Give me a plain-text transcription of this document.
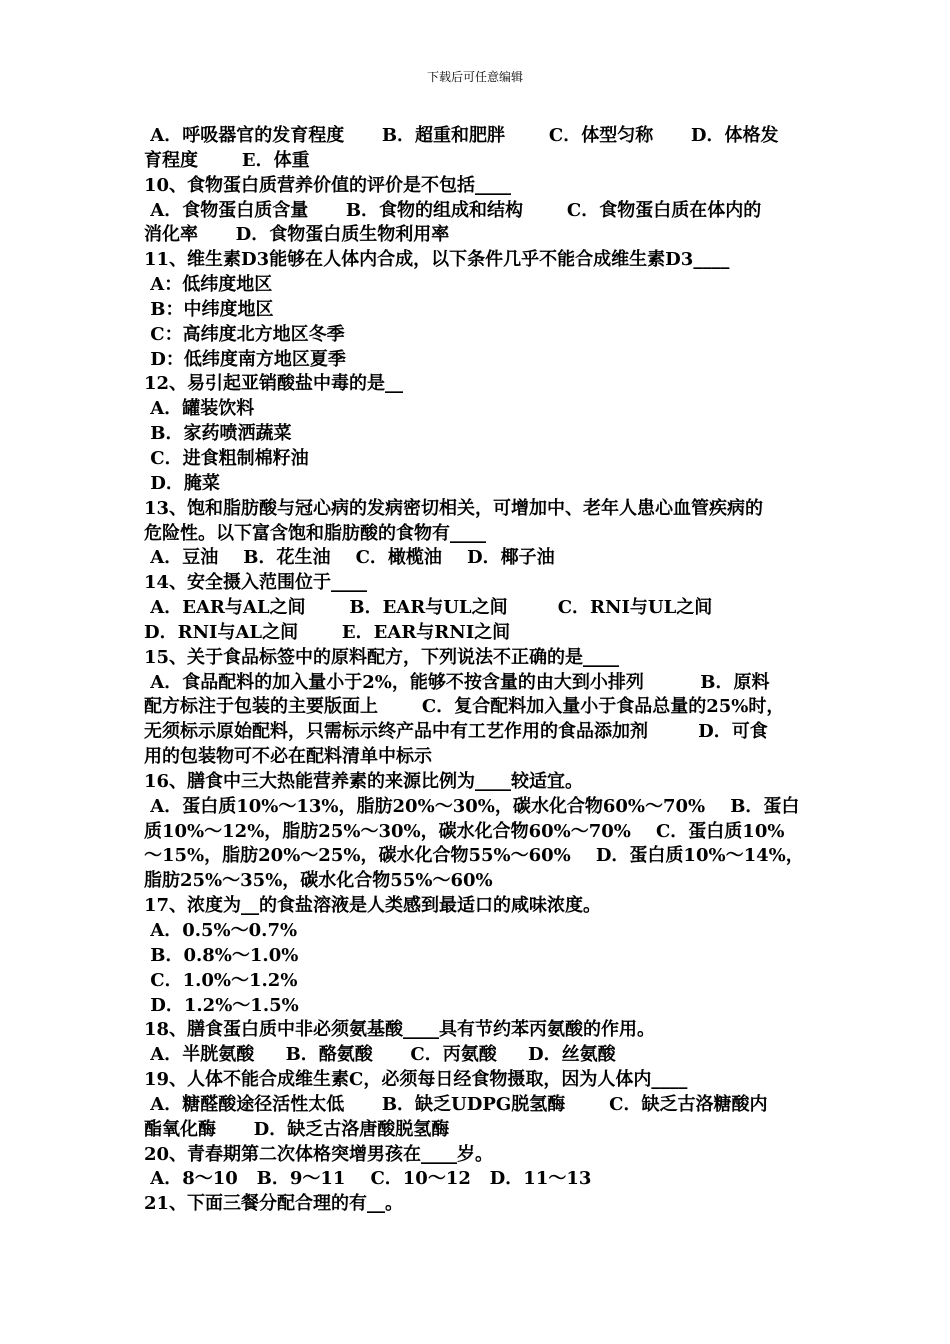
下载后可任意编辑
A．呼吸器官的发育程度      B．超重和肥胖       C．体型匀称      D．体格发
育程度       E．体重
10、食物蛋白质营养价值的评价是不包括____
A．食物蛋白质含量      B．食物的组成和结构       C．食物蛋白质在体内的
消化率      D．食物蛋白质生物利用率
11、维生素D3能够在人体内合成，以下条件几乎不能合成维生素D3____
A：低纬度地区
B：中纬度地区
C：高纬度北方地区冬季
D：低纬度南方地区夏季
12、易引起亚销酸盐中毒的是__
A．罐装饮料
B．家药喷洒蔬菜
C．进食粗制棉籽油
D．腌菜
13、饱和脂肪酸与冠心病的发病密切相关，可增加中、老年人患心血管疾病的
危险性。以下富含饱和脂肪酸的食物有____
A．豆油    B．花生油    C．橄榄油    D．椰子油
14、安全摄入范围位于____
A．EAR与AL之间       B．EAR与UL之间        C．RNI与UL之间
D．RNI与AL之间       E．EAR与RNI之间
15、关于食品标签中的原料配方，下列说法不正确的是____
A．食品配料的加入量小于2%，能够不按含量的由大到小排列         B．原料
配方标注于包装的主要版面上       C．复合配料加入量小于食品总量的25%时，
无须标示原始配料，只需标示终产品中有工艺作用的食品添加剂        D．可食
用的包装物可不必在配料清单中标示
16、膳食中三大热能营养素的来源比例为____较适宜。
A．蛋白质10%～13%，脂肪20%～30%，碳水化合物60%～70%    B．蛋白
质10%～12%，脂肪25%～30%，碳水化合物60%～70%    C．蛋白质10%
～15%，脂肪20%～25%，碳水化合物55%～60%    D．蛋白质10%～14%，
脂肪25%～35%，碳水化合物55%～60%
17、浓度为__的食盐溶液是人类感到最适口的咸味浓度。
A．0.5%～0.7%
B．0.8%～1.0%
C．1.0%～1.2%
D．1.2%～1.5%
18、膳食蛋白质中非必须氨基酸____具有节约苯丙氨酸的作用。
A．半胱氨酸     B．酪氨酸      C．丙氨酸     D．丝氨酸
19、人体不能合成维生素C，必须每日经食物摄取，因为人体内____
A．糖醛酸途径活性太低      B．缺乏UDPG脱氢酶       C．缺乏古洛糖酸内
酯氧化酶      D．缺乏古洛唐酸脱氢酶
20、青春期第二次体格突增男孩在____岁。
A．8～10   B．9～11    C．10～12   D．11～13
21、下面三餐分配合理的有__。
